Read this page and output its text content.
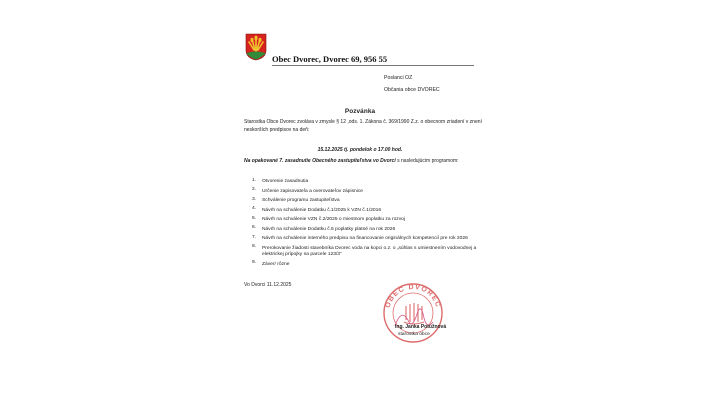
Obec Dvorec, Dvorec 69, 956 55
Poslanci OZ
Občania obce DVOREC
Pozvánka
Starostka Obce Dvorec zvoláva v zmysle § 12 ,ods. 1. Zákona č. 369/1990 Z.z. o obecnom zriadení v znení neskorších predpisov na deň:
15.12.2025 tj. pondelok o 17.00 hod.
Na opakované 7. zasadnutie Obecného zastupiteľstva vo Dvorci s nasledujúcim programom:
1. Otvorenie zasadnutia
2. Určenie zapisovateľa a overovateľov zápisnice
3. Schválenie programu zastupiteľstva
4. Návrh na schválenie Dodatku č.1/2025 k VZN č.1/2016
5. Návrh na schválenie VZN č.2/2025 o miestnom poplatku za rozvoj
6. Návrh na schválenie Dodatku č.5 poplatky platné na rok 2026
7. Návrh na schválenie interného predpisu na financovanie originálnych kompetencií pre rok 2026
8. Prerokovanie žiadosti stavebníka Dvorec voda na kopci o.z. o „súhlas s umiestnením vodovodnej a elektrickej prípojky na parcele 123/3“
9. Záver/ rôzne
Vo Dvorci 11.12.2025
OBEC DVOREC
Ing. Janka Potužnová
starostka obce
